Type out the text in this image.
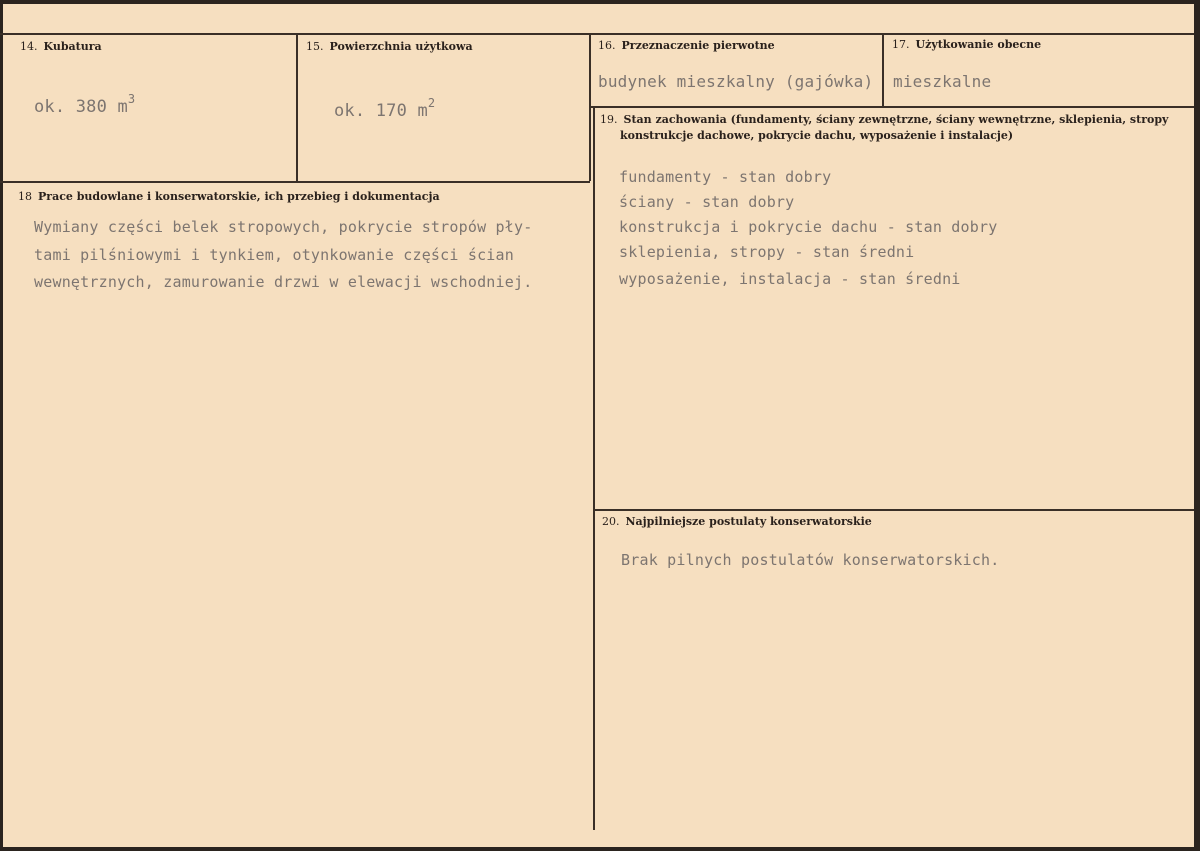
14. Kubatura
ok. 380 $m^3$
15. Powierzchnia użytkowa
ok. 170 $m^2$
16. Przeznaczenie pierwotne
budynek mieszkalny (gajówka)
17. Użytkowanie obecne
mieszkalne
18 Prace budowlane i konserwatorskie, ich przebieg i dokumentacja
Wymiany części belek stropowych, pokrycie stropów pły-
tami pilśniowymi i tynkiem, otynkowanie części ścian
wewnętrznych, zamurowanie drzwi w elewacji wschodniej.
19. Stan zachowania (fundamenty, ściany zewnętrzne, ściany wewnętrzne, sklepienia, stropy
konstrukcje dachowe, pokrycie dachu, wyposażenie i instalacje)
fundamenty - stan dobry
ściany - stan dobry
konstrukcja i pokrycie dachu - stan dobry
sklepienia, stropy - stan średni
wyposażenie, instalacja - stan średni
20. Najpilniejsze postulaty konserwatorskie
Brak pilnych postulatów konserwatorskich.
